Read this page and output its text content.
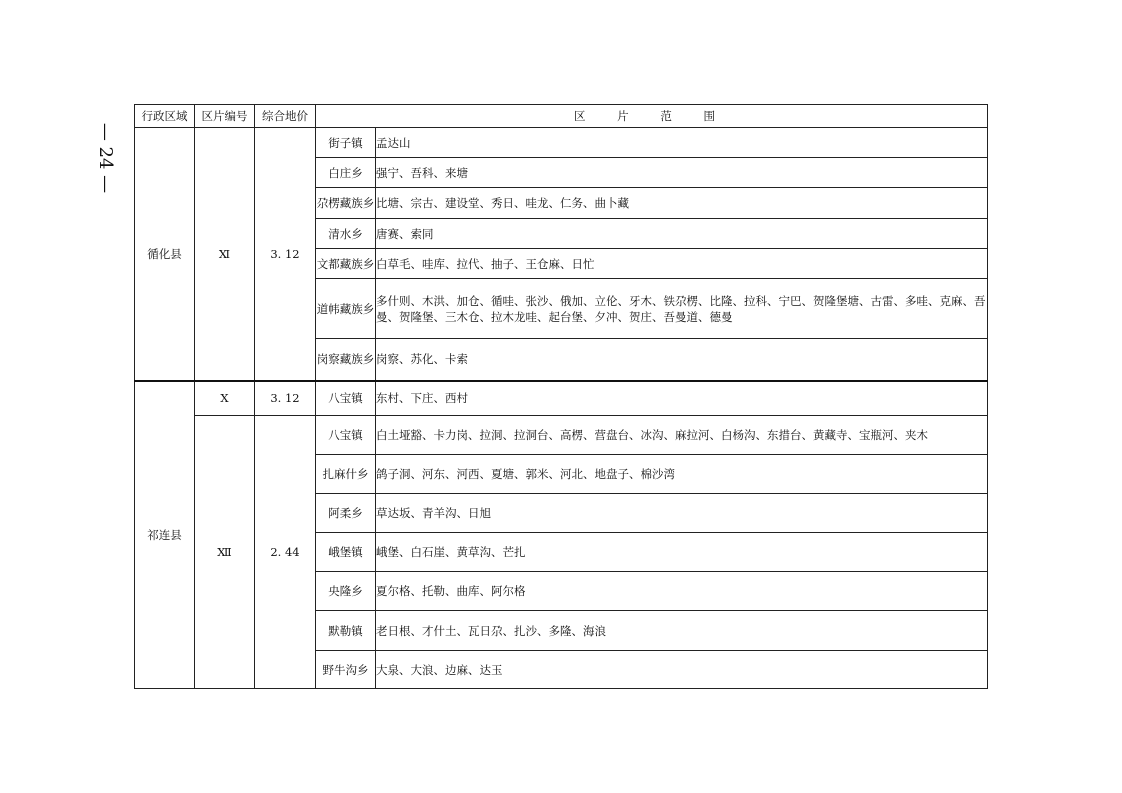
— 24 —
行政区域	区片编号	综合地价	区 片 范 围	
循化县	Ⅺ	3. 12	街子镇	孟达山
			白庄乡	强宁、吾科、来塘
			尕楞藏族乡	比塘、宗古、建设堂、秀日、哇龙、仁务、曲卜藏
			清水乡	唐赛、索同
			文都藏族乡	白草毛、哇库、拉代、抽子、王仓麻、日忙
			道帏藏族乡	多什则、木洪、加仓、循哇、张沙、俄加、立伦、牙木、铁尕楞、比隆、拉科、宁巴、贺隆堡塘、古雷、多哇、克麻、吾曼、贺隆堡、三木仓、拉木龙哇、起台堡、夕冲、贺庄、吾曼道、德曼
			岗察藏族乡	岗察、苏化、卡索
祁连县	Ⅹ	3. 12	八宝镇	东村、下庄、西村
	Ⅻ	2. 44	八宝镇	白土垭豁、卡力岗、拉洞、拉洞台、高楞、营盘台、冰沟、麻拉河、白杨沟、东措台、黄藏寺、宝瓶河、夹木
			扎麻什乡	鸽子洞、河东、河西、夏塘、郭米、河北、地盘子、棉沙湾
			阿柔乡	草达坂、青羊沟、日旭
			峨堡镇	峨堡、白石崖、黄草沟、芒扎
			央隆乡	夏尔格、托勒、曲库、阿尔格
			默勒镇	老日根、才什土、瓦日尕、扎沙、多隆、海浪
			野牛沟乡	大泉、大浪、边麻、达玉
